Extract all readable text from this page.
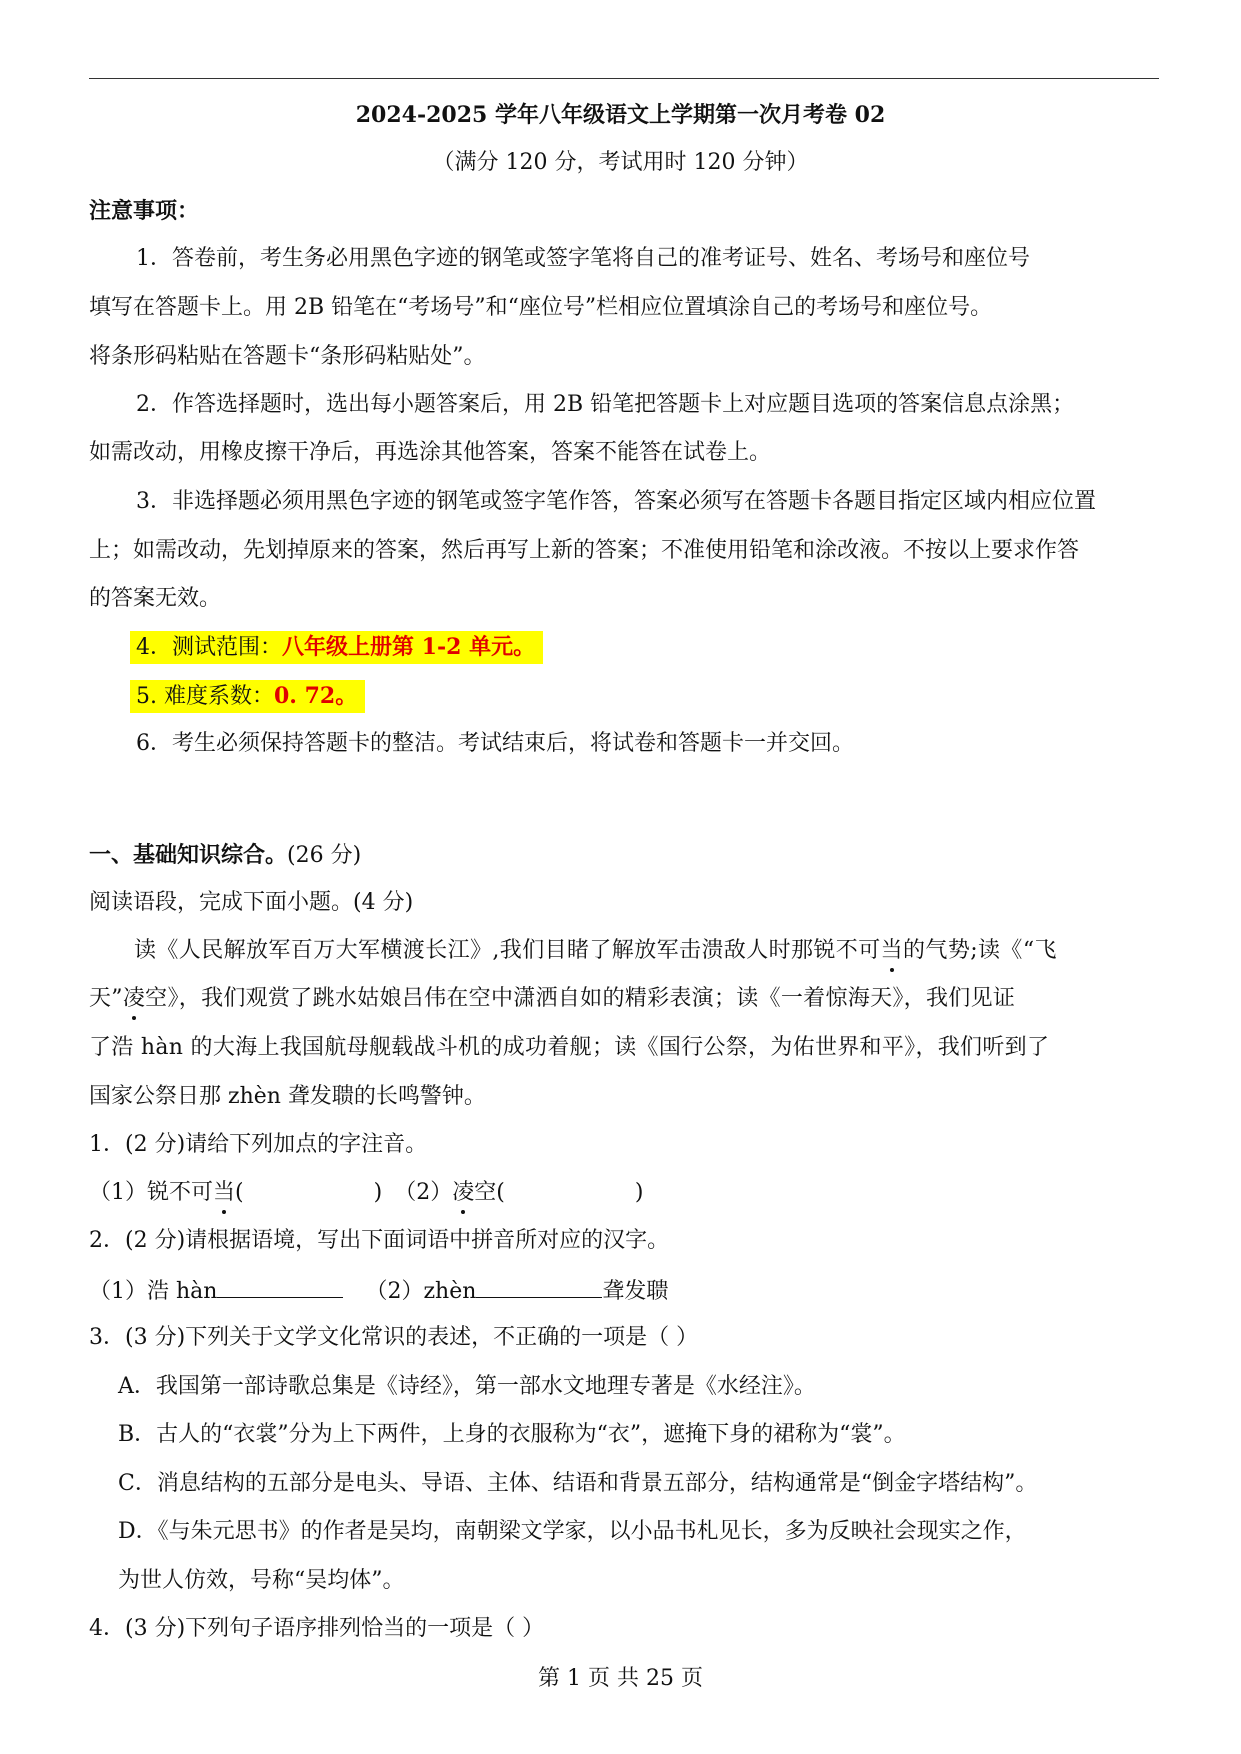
2024-2025 学年八年级语文上学期第一次月考卷 02
（满分 120 分，考试用时 120 分钟）
注意事项：
1．答卷前，考生务必用黑色字迹的钢笔或签字笔将自己的准考证号、姓名、考场号和座位号
填写在答题卡上。用 2B 铅笔在“考场号”和“座位号”栏相应位置填涂自己的考场号和座位号。
将条形码粘贴在答题卡“条形码粘贴处”。
2．作答选择题时，选出每小题答案后，用 2B 铅笔把答题卡上对应题目选项的答案信息点涂黑；
如需改动，用橡皮擦干净后，再选涂其他答案，答案不能答在试卷上。
3．非选择题必须用黑色字迹的钢笔或签字笔作答，答案必须写在答题卡各题目指定区域内相应位置
上；如需改动，先划掉原来的答案，然后再写上新的答案；不准使用铅笔和涂改液。不按以上要求作答
的答案无效。
4．测试范围：八年级上册第 1-2 单元。
5. 难度系数：0. 72。
6．考生必须保持答题卡的整洁。考试结束后，将试卷和答题卡一并交回。
一、基础知识综合。(26 分)
阅读语段，完成下面小题。(4 分)
读《人民解放军百万大军横渡长江》,我们目睹了解放军击溃敌人时那锐不可当的气势;读《“飞
天”凌空》，我们观赏了跳水姑娘吕伟在空中潇洒自如的精彩表演；读《一着惊海天》，我们见证
了浩 hàn 的大海上我国航母舰载战斗机的成功着舰；读《国行公祭，为佑世界和平》，我们听到了
国家公祭日那 zhèn 聋发聩的长鸣警钟。
1．(2 分)请给下列加点的字注音。
（1）锐不可当(	) （2）凌空(	)
2．(2 分)请根据语境，写出下面词语中拼音所对应的汉字。
（1）浩 hàn	（2）zhèn	聋发聩
3．(3 分)下列关于文学文化常识的表述，不正确的一项是（ ）
A．我国第一部诗歌总集是《诗经》，第一部水文地理专著是《水经注》。
B．古人的“衣裳”分为上下两件，上身的衣服称为“衣”，遮掩下身的裙称为“裳”。
C．消息结构的五部分是电头、导语、主体、结语和背景五部分，结构通常是“倒金字塔结构”。
D．《与朱元思书》的作者是吴均，南朝梁文学家，以小品书札见长，多为反映社会现实之作，
为世人仿效，号称“吴均体”。
4．(3 分)下列句子语序排列恰当的一项是（ ）
第 1 页 共 25 页
